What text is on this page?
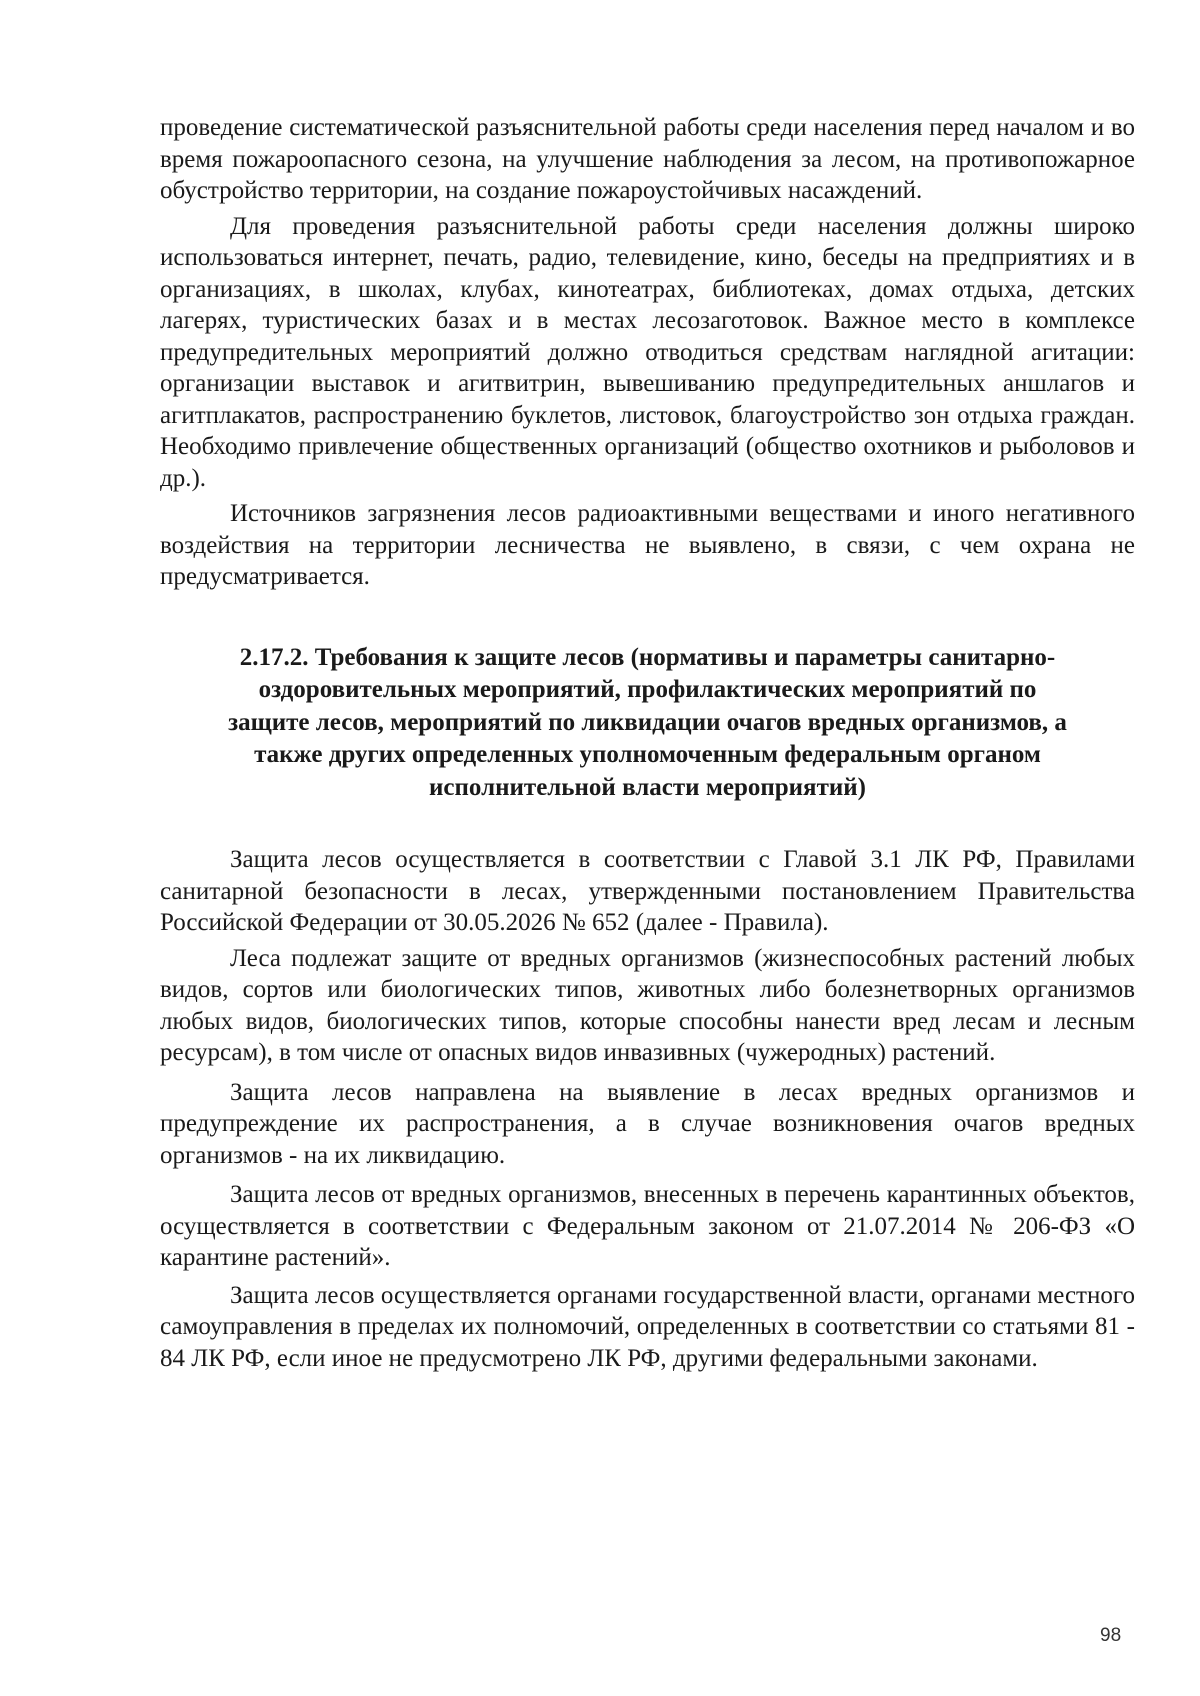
проведение систематической разъяснительной работы среди населения перед началом и во время пожароопасного сезона, на улучшение наблюдения за лесом, на противопожарное обустройство территории, на создание пожароустойчивых насаждений.

Для проведения разъяснительной работы среди населения должны широко использоваться интернет, печать, радио, телевидение, кино, беседы на предприятиях и в организациях, в школах, клубах, кинотеатрах, библиотеках, домах отдыха, детских лагерях, туристических базах и в местах лесозаготовок. Важное место в комплексе предупредительных мероприятий должно отводиться средствам наглядной агитации: организации выставок и агитвитрин, вывешиванию предупредительных аншлагов и агитплакатов, распространению буклетов, листовок, благоустройство зон отдыха граждан. Необходимо привлечение общественных организаций (общество охотников и рыболовов и др.).

Источников загрязнения лесов радиоактивными веществами и иного негативного воздействия на территории лесничества не выявлено, в связи, с чем охрана не предусматривается.

2.17.2. Требования к защите лесов (нормативы и параметры санитарно-оздоровительных мероприятий, профилактических мероприятий по защите лесов, мероприятий по ликвидации очагов вредных организмов, а также других определенных уполномоченным федеральным органом исполнительной власти мероприятий)

Защита лесов осуществляется в соответствии с Главой 3.1 ЛК РФ, Правилами санитарной безопасности в лесах, утвержденными постановлением Правительства Российской Федерации от 30.05.2026 № 652 (далее - Правила).

Леса подлежат защите от вредных организмов (жизнеспособных растений любых видов, сортов или биологических типов, животных либо болезнетворных организмов любых видов, биологических типов, которые способны нанести вред лесам и лесным ресурсам), в том числе от опасных видов инвазивных (чужеродных) растений.

Защита лесов направлена на выявление в лесах вредных организмов и предупреждение их распространения, а в случае возникновения очагов вредных организмов - на их ликвидацию.

Защита лесов от вредных организмов, внесенных в перечень карантинных объектов, осуществляется в соответствии с Федеральным законом от 21.07.2014 № 206-ФЗ «О карантине растений».

Защита лесов осуществляется органами государственной власти, органами местного самоуправления в пределах их полномочий, определенных в соответствии со статьями 81 - 84 ЛК РФ, если иное не предусмотрено ЛК РФ, другими федеральными законами.

98
